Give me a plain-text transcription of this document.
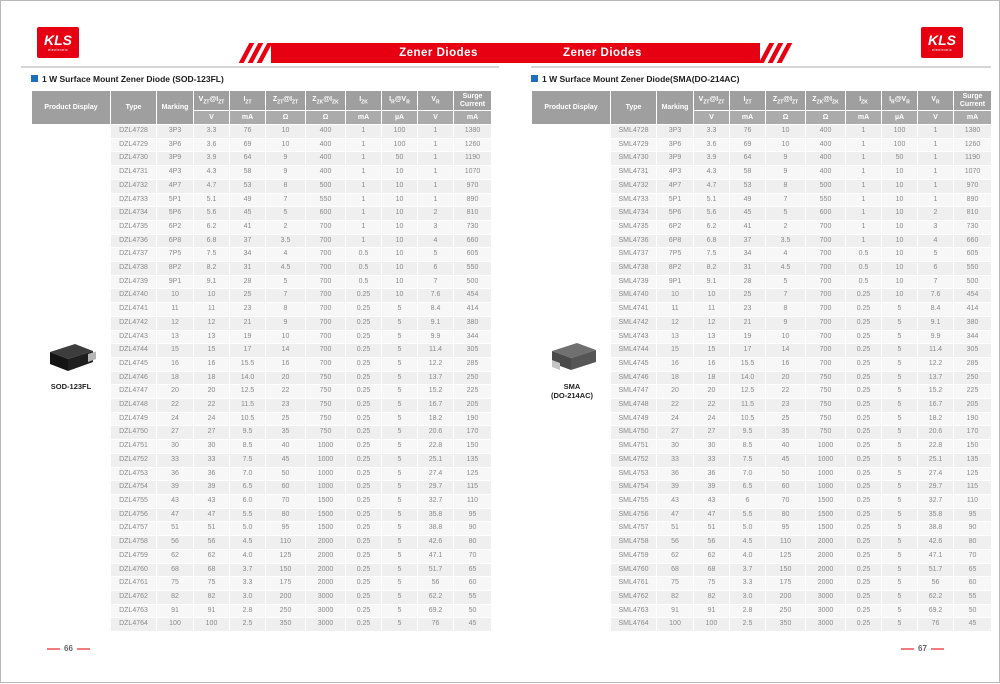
KLS
electronic	Zener Diodes
1 W Surface Mount Zener Diode (SOD-123FL)
Product Display	Type	Marking	$V_{ZT}@I_{ZT}$	$I_{ZT}$	$Z_{ZT}@I_{ZT}$	$Z_{ZK}@I_{ZK}$	$I_{ZK}$	$I_R@V_R$	$V_R$	Surge
Current

			V	mA	Ω	Ω	mA	µA	V	mA
	DZL4728	3P3	3.3	76	10	400	1	100	1	1380
	DZL4729	3P6	3.6	69	10	400	1	100	1	1260
	DZL4730	3P9	3.9	64	9	400	1	50	1	1190
	DZL4731	4P3	4.3	58	9	400	1	10	1	1070
	DZL4732	4P7	4.7	53	8	500	1	10	1	970
	DZL4733	5P1	5.1	49	7	550	1	10	1	890
	DZL4734	5P6	5.6	45	5	600	1	10	2	810
	DZL4735	6P2	6.2	41	2	700	1	10	3	730
	DZL4736	6P8	6.8	37	3.5	700	1	10	4	660
	DZL4737	7P5	7.5	34	4	700	0.5	10	5	605
	DZL4738	8P2	8.2	31	4.5	700	0.5	10	6	550
	DZL4739	9P1	9.1	28	5	700	0.5	10	7	500
	DZL4740	10	10	25	7	700	0.25	10	7.6	454
	DZL4741	11	11	23	8	700	0.25	5	8.4	414
	DZL4742	12	12	21	9	700	0.25	5	9.1	380
	DZL4743	13	13	19	10	700	0.25	5	9.9	344
	DZL4744	15	15	17	14	700	0.25	5	11.4	305
	DZL4745	16	16	15.5	16	700	0.25	5	12.2	285
	DZL4746	18	18	14.0	20	750	0.25	5	13.7	250
	DZL4747	20	20	12.5	22	750	0.25	5	15.2	225
	DZL4748	22	22	11.5	23	750	0.25	5	16.7	205
	DZL4749	24	24	10.5	25	750	0.25	5	18.2	190
	DZL4750	27	27	9.5	35	750	0.25	5	20.6	170
	DZL4751	30	30	8.5	40	1000	0.25	5	22.8	150
	DZL4752	33	33	7.5	45	1000	0.25	5	25.1	135
	DZL4753	36	36	7.0	50	1000	0.25	5	27.4	125
	DZL4754	39	39	6.5	60	1000	0.25	5	29.7	115
	DZL4755	43	43	6.0	70	1500	0.25	5	32.7	110
	DZL4756	47	47	5.5	80	1500	0.25	5	35.8	95
	DZL4757	51	51	5.0	95	1500	0.25	5	38.8	90
	DZL4758	56	56	4.5	110	2000	0.25	5	42.6	80
	DZL4759	62	62	4.0	125	2000	0.25	5	47.1	70
	DZL4760	68	68	3.7	150	2000	0.25	5	51.7	65
	DZL4761	75	75	3.3	175	2000	0.25	5	56	60
	DZL4762	82	82	3.0	200	3000	0.25	5	62.2	55
	DZL4763	91	91	2.8	250	3000	0.25	5	69.2	50
	DZL4764	100	100	2.5	350	3000	0.25	5	76	45
SOD-123FL
66
Zener Diodes
KLS
electronic
1 W Surface Mount Zener Diode(SMA(DO-214AC)
Product Display	Type	Marking	$V_{ZT}@I_{ZT}$	$I_{ZT}$	$Z_{ZT}@I_{ZT}$	$Z_{ZK}@I_{ZK}$	$I_{ZK}$	$I_R@V_R$	$V_R$	Surge
Current

			V	mA	Ω	Ω	mA	µA	V	mA
	SML4728	3P3	3.3	76	10	400	1	100	1	1380
	SML4729	3P6	3.6	69	10	400	1	100	1	1260
	SML4730	3P9	3.9	64	9	400	1	50	1	1190
	SML4731	4P3	4.3	58	9	400	1	10	1	1070
	SML4732	4P7	4.7	53	8	500	1	10	1	970
	SML4733	5P1	5.1	49	7	550	1	10	1	890
	SML4734	5P6	5.6	45	5	600	1	10	2	810
	SML4735	6P2	6.2	41	2	700	1	10	3	730
	SML4736	6P8	6.8	37	3.5	700	1	10	4	660
	SML4737	7P5	7.5	34	4	700	0.5	10	5	605
	SML4738	8P2	8.2	31	4.5	700	0.5	10	6	550
	SML4739	9P1	9.1	28	5	700	0.5	10	7	500
	SML4740	10	10	25	7	700	0.25	10	7.6	454
	SML4741	11	11	23	8	700	0.25	5	8.4	414
	SML4742	12	12	21	9	700	0.25	5	9.1	380
	SML4743	13	13	19	10	700	0.25	5	9.9	344
	SML4744	15	15	17	14	700	0.25	5	11.4	305
	SML4745	16	16	15.5	16	700	0.25	5	12.2	285
	SML4746	18	18	14.0	20	750	0.25	5	13.7	250
	SML4747	20	20	12.5	22	750	0.25	5	15.2	225
	SML4748	22	22	11.5	23	750	0.25	5	16.7	205
	SML4749	24	24	10.5	25	750	0.25	5	18.2	190
	SML4750	27	27	9.5	35	750	0.25	5	20.6	170
	SML4751	30	30	8.5	40	1000	0.25	5	22.8	150
	SML4752	33	33	7.5	45	1000	0.25	5	25.1	135
	SML4753	36	36	7.0	50	1000	0.25	5	27.4	125
	SML4754	39	39	6.5	60	1000	0.25	5	29.7	115
	SML4755	43	43	6	70	1500	0.25	5	32.7	110
	SML4756	47	47	5.5	80	1500	0.25	5	35.8	95
	SML4757	51	51	5.0	95	1500	0.25	5	38.8	90
	SML4758	56	56	4.5	110	2000	0.25	5	42.6	80
	SML4759	62	62	4.0	125	2000	0.25	5	47.1	70
	SML4760	68	68	3.7	150	2000	0.25	5	51.7	65
	SML4761	75	75	3.3	175	2000	0.25	5	56	60
	SML4762	82	82	3.0	200	3000	0.25	5	62.2	55
	SML4763	91	91	2.8	250	3000	0.25	5	69.2	50
	SML4764	100	100	2.5	350	3000	0.25	5	76	45
SMA
(DO-214AC)
67
